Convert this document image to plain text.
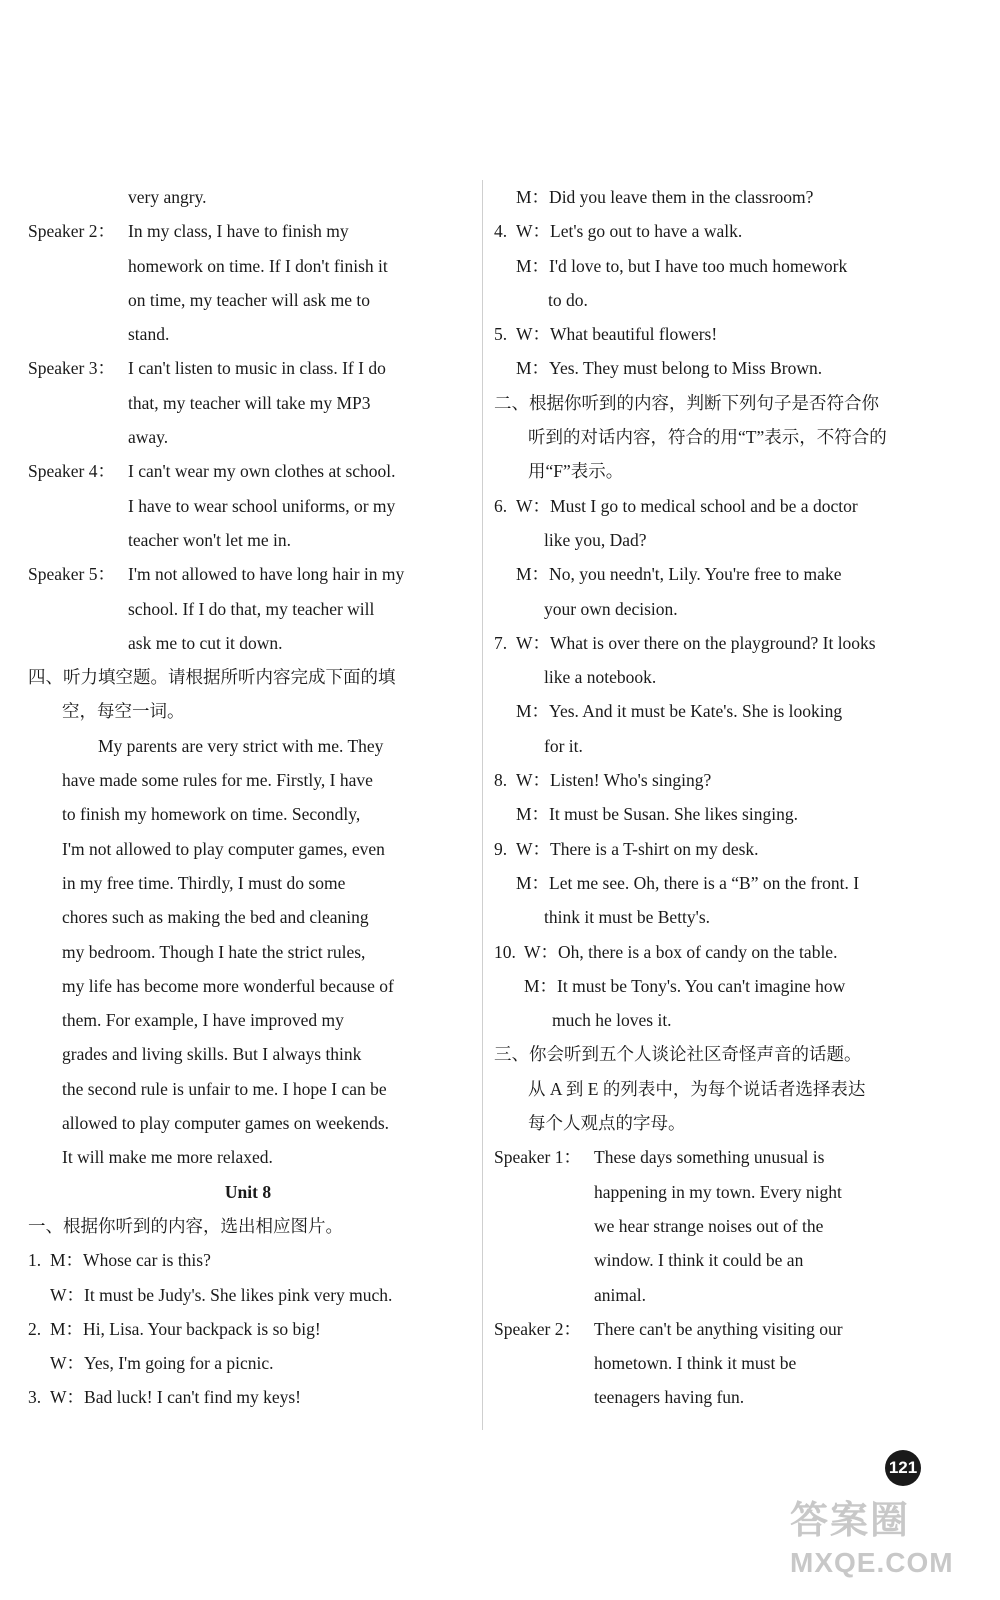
very angry.
Speaker 2： In my class, I have to finish my
homework on time. If I don't finish it
on time, my teacher will ask me to
stand.
Speaker 3： I can't listen to music in class. If I do
that, my teacher will take my MP3
away.
Speaker 4： I can't wear my own clothes at school.
I have to wear school uniforms, or my
teacher won't let me in.
Speaker 5： I'm not allowed to have long hair in my
school. If I do that, my teacher will
ask me to cut it down.
四、听力填空题。请根据所听内容完成下面的填
空，每空一词。
My parents are very strict with me. They
have made some rules for me. Firstly, I have
to finish my homework on time. Secondly,
I'm not allowed to play computer games, even
in my free time. Thirdly, I must do some
chores such as making the bed and cleaning
my bedroom. Though I hate the strict rules,
my life has become more wonderful because of
them. For example, I have improved my
grades and living skills. But I always think
the second rule is unfair to me. I hope I can be
allowed to play computer games on weekends.
It will make me more relaxed.
Unit 8
一、根据你听到的内容，选出相应图片。
1. M：Whose car is this?
W：It must be Judy's. She likes pink very much.
2. M：Hi, Lisa. Your backpack is so big!
W：Yes, I'm going for a picnic.
3. W：Bad luck! I can't find my keys!
M：Did you leave them in the classroom?
4. W：Let's go out to have a walk.
M：I'd love to, but I have too much homework
to do.
5. W：What beautiful flowers!
M：Yes. They must belong to Miss Brown.
二、根据你听到的内容，判断下列句子是否符合你
听到的对话内容，符合的用“T”表示，不符合的
用“F”表示。
6. W：Must I go to medical school and be a doctor
like you, Dad?
M：No, you needn't, Lily. You're free to make
your own decision.
7. W：What is over there on the playground? It looks
like a notebook.
M：Yes. And it must be Kate's. She is looking
for it.
8. W：Listen! Who's singing?
M：It must be Susan. She likes singing.
9. W：There is a T-shirt on my desk.
M：Let me see. Oh, there is a “B” on the front. I
think it must be Betty's.
10. W：Oh, there is a box of candy on the table.
M：It must be Tony's. You can't imagine how
much he loves it.
三、你会听到五个人谈论社区奇怪声音的话题。
从 A 到 E 的列表中，为每个说话者选择表达
每个人观点的字母。
Speaker 1： These days something unusual is
happening in my town. Every night
we hear strange noises out of the
window. I think it could be an
animal.
Speaker 2： There can't be anything visiting our
hometown. I think it must be
teenagers having fun.
121
答案圈
MXQE.COM
